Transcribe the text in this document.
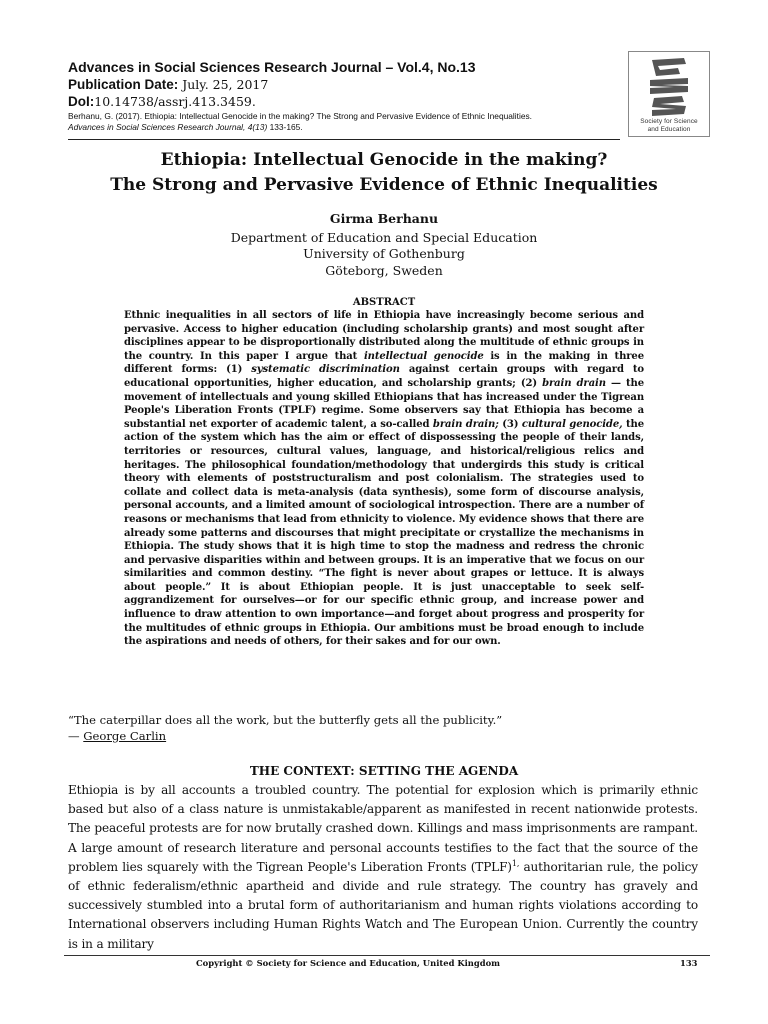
Advances in Social Sciences Research Journal – Vol.4, No.13
Publication Date: July. 25, 2017
DoI:10.14738/assrj.413.3459.
Berhanu, G. (2017). Ethiopia: Intellectual Genocide in the making? The Strong and Pervasive Evidence of Ethnic Inequalities.
Advances in Social Sciences Research Journal, 4(13) 133-165.
Society for Science
and Education
Ethiopia: Intellectual Genocide in the making?
The Strong and Pervasive Evidence of Ethnic Inequalities
Girma Berhanu
Department of Education and Special Education
University of Gothenburg
Göteborg, Sweden
ABSTRACT

Ethnic inequalities in all sectors of life in Ethiopia have increasingly become serious and pervasive. Access to higher education (including scholarship grants) and most sought after disciplines appear to be disproportionally distributed along the multitude of ethnic groups in the country. In this paper I argue that intellectual genocide is in the making in three different forms: (1) systematic discrimination against certain groups with regard to educational opportunities, higher education, and scholarship grants; (2) brain drain — the movement of intellectuals and young skilled Ethiopians that has increased under the Tigrean People's Liberation Fronts (TPLF) regime. Some observers say that Ethiopia has become a substantial net exporter of academic talent, a so-called brain drain; (3) cultural genocide, the action of the system which has the aim or effect of dispossessing the people of their lands, territories or resources, cultural values, language, and historical/religious relics and heritages. The philosophical foundation/methodology that undergirds this study is critical theory with elements of poststructuralism and post colonialism. The strategies used to collate and collect data is meta-analysis (data synthesis), some form of discourse analysis, personal accounts, and a limited amount of sociological introspection. There are a number of reasons or mechanisms that lead from ethnicity to violence. My evidence shows that there are already some patterns and discourses that might precipitate or crystallize the mechanisms in Ethiopia. The study shows that it is high time to stop the madness and redress the chronic and pervasive disparities within and between groups. It is an imperative that we focus on our similarities and common destiny. “The fight is never about grapes or lettuce. It is always about people.” It is about Ethiopian people. It is just unacceptable to seek self-aggrandizement for ourselves—or for our specific ethnic group, and increase power and influence to draw attention to own importance—and forget about progress and prosperity for the multitudes of ethnic groups in Ethiopia. Our ambitions must be broad enough to include the aspirations and needs of others, for their sakes and for our own.

“The caterpillar does all the work, but the butterfly gets all the publicity.”
— George Carlin
THE CONTEXT: SETTING THE AGENDA

Ethiopia is by all accounts a troubled country. The potential for explosion which is primarily ethnic based but also of a class nature is unmistakable/apparent as manifested in recent nationwide protests. The peaceful protests are for now brutally crashed down. Killings and mass imprisonments are rampant. A large amount of research literature and personal accounts testifies to the fact that the source of the problem lies squarely with the Tigrean People's Liberation Fronts (TPLF)$^{1,}$ authoritarian rule, the policy of ethnic federalism/ethnic apartheid and divide and rule strategy. The country has gravely and successively stumbled into a brutal form of authoritarianism and human rights violations according to International observers including Human Rights Watch and The European Union. Currently the country is in a military

Copyright © Society for Science and Education, United Kingdom	133
